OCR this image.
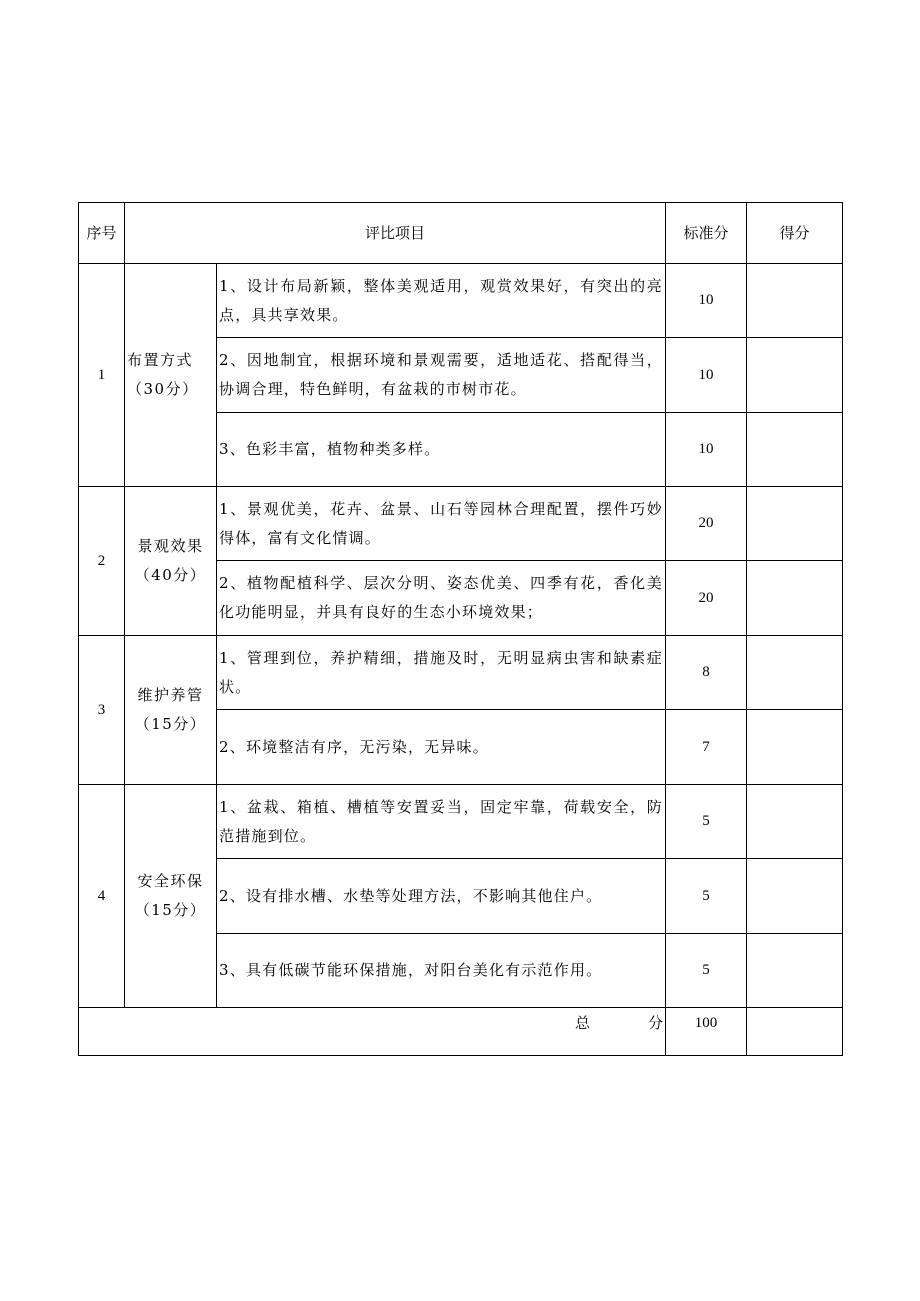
序号	评比项目		标准分	得分
1	布置方式（30分）	1、设计布局新颖，整体美观适用，观赏效果好，有突出的亮点，具共享效果。	10	
		2、因地制宜，根据环境和景观需要，适地适花、搭配得当，协调合理，特色鲜明，有盆栽的市树市花。	10	
		3、色彩丰富，植物种类多样。	10	
2	景观效果（40分）	1、景观优美，花卉、盆景、山石等园林合理配置，摆件巧妙得体，富有文化情调。	20	
		2、植物配植科学、层次分明、姿态优美、四季有花，香化美化功能明显，并具有良好的生态小环境效果；	20	
3	维护养管（15分）	1、管理到位，养护精细，措施及时，无明显病虫害和缺素症状。	8	
		2、环境整洁有序，无污染，无异味。	7	
4	安全环保（15分）	1、盆栽、箱植、槽植等安置妥当，固定牢靠，荷载安全，防范措施到位。	5	
		2、设有排水槽、水垫等处理方法，不影响其他住户。	5	
		3、具有低碳节能环保措施，对阳台美化有示范作用。	5	
总 分			100	
